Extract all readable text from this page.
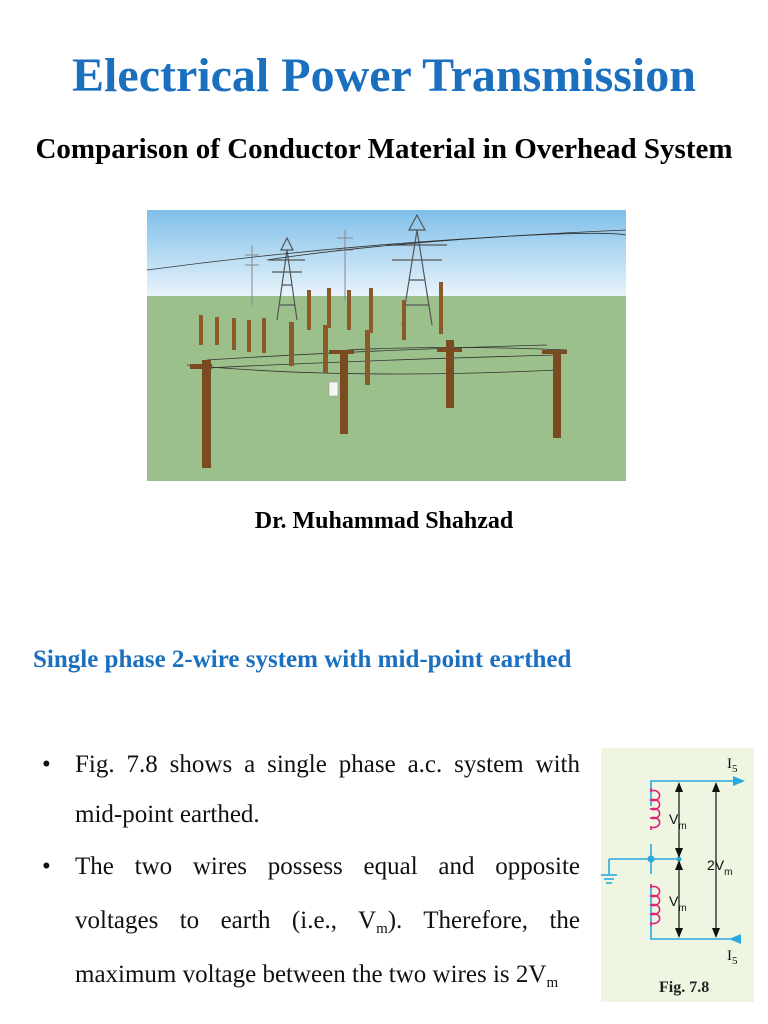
Electrical Power Transmission
Comparison of Conductor Material in Overhead System
Dr. Muhammad Shahzad
Single phase 2-wire system with mid-point earthed
• Fig. 7.8 shows a single phase a.c. system with mid-point earthed.
• The two wires possess equal and opposite voltages to earth (i.e., $V_m$). Therefore, the maximum voltage between the two wires is $2V_m$
$V_m$
$V_m$
$2V_m$
$I_5$
$I_5$
Fig. 7.8
